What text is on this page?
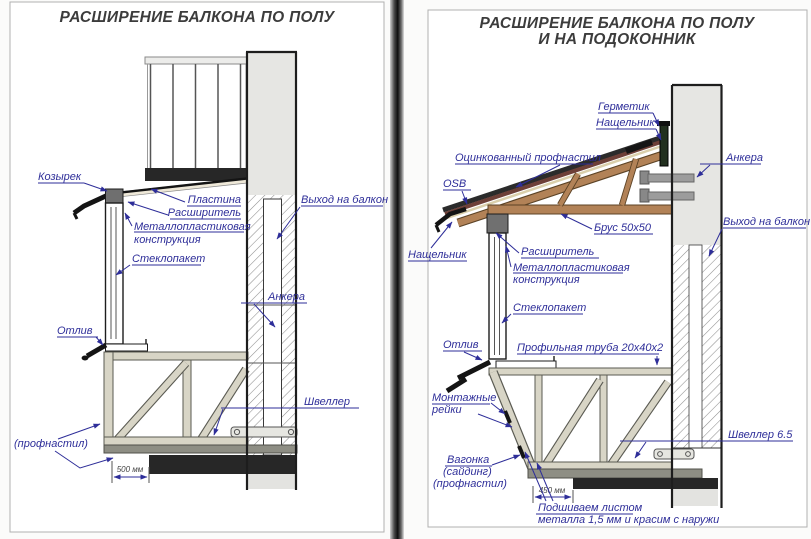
РАСШИРЕНИЕ БАЛКОНА ПО ПОЛУ
500 мм
Козырек
Пластина
Расширитель
Металлопластиковая
конструкция
Стеклопакет
Выход на балкон
Анкера
Отлив
Швеллер
(профнастил)
РАСШИРЕНИЕ БАЛКОНА ПО ПОЛУ
И НА ПОДОКОННИК
450 мм
Герметик
Нащельник
Оцинкованный профнастил
OSB
Брус 50х50
Анкера
Выход на балкон
Нащельник	Расширитель
Металлопластиковая
конструкция
Стеклопакет
Профильная труба 20х40х2
Отлив
Монтажные
рейки
Вагонка
(сайдинг)
(профнастил)
Швеллер 6.5
Подшиваем листом
металла 1,5 мм и красим с наружи
